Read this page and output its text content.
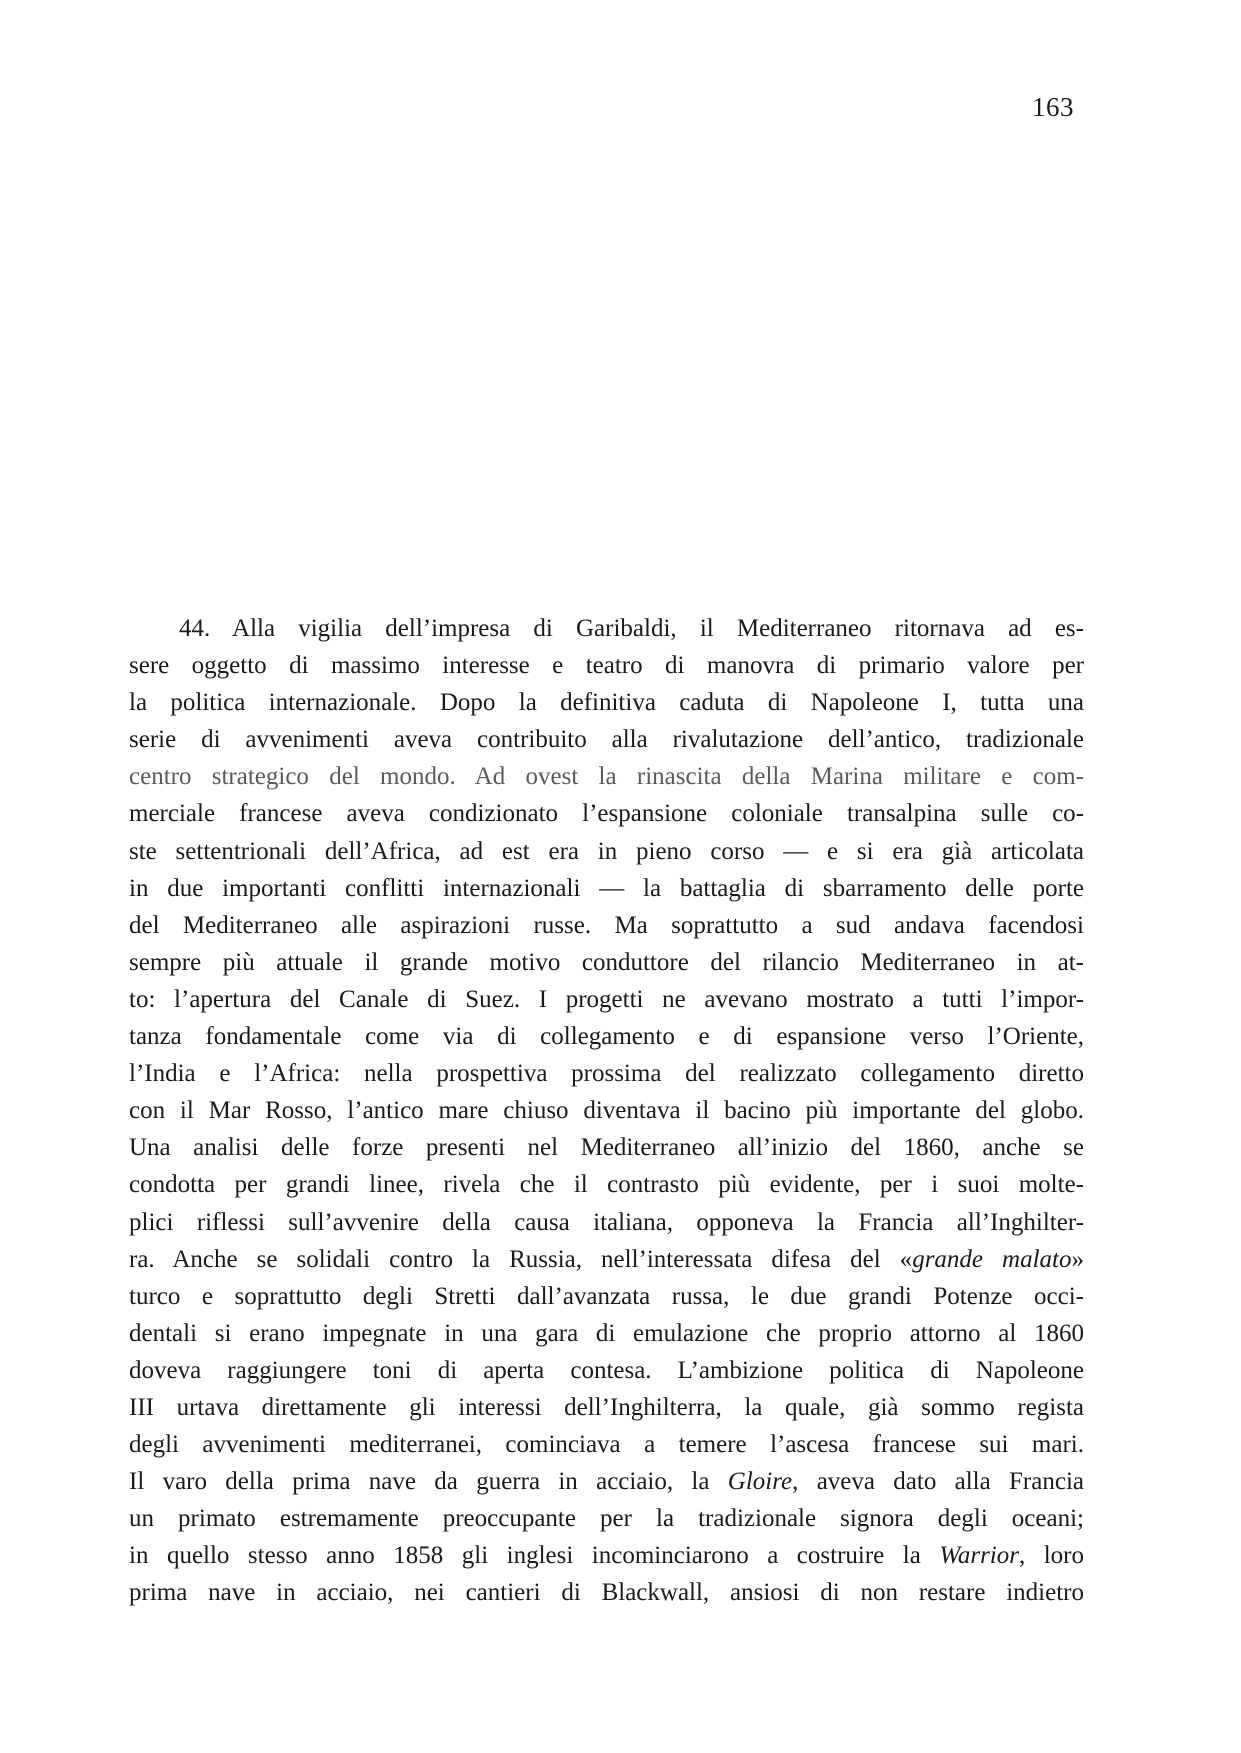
163
44. Alla vigilia dell’impresa di Garibaldi, il Mediterraneo ritornava ad es-
sere oggetto di massimo interesse e teatro di manovra di primario valore per
la politica internazionale. Dopo la definitiva caduta di Napoleone I, tutta una
serie di avvenimenti aveva contribuito alla rivalutazione dell’antico, tradizionale
centro strategico del mondo. Ad ovest la rinascita della Marina militare e com-
merciale francese aveva condizionato l’espansione coloniale transalpina sulle co-
ste settentrionali dell’Africa, ad est era in pieno corso — e si era già articolata
in due importanti conflitti internazionali — la battaglia di sbarramento delle porte
del Mediterraneo alle aspirazioni russe. Ma soprattutto a sud andava facendosi
sempre più attuale il grande motivo conduttore del rilancio Mediterraneo in at-
to: l’apertura del Canale di Suez. I progetti ne avevano mostrato a tutti l’impor-
tanza fondamentale come via di collegamento e di espansione verso l’Oriente,
l’India e l’Africa: nella prospettiva prossima del realizzato collegamento diretto
con il Mar Rosso, l’antico mare chiuso diventava il bacino più importante del globo.
Una analisi delle forze presenti nel Mediterraneo all’inizio del 1860, anche se
condotta per grandi linee, rivela che il contrasto più evidente, per i suoi molte-
plici riflessi sull’avvenire della causa italiana, opponeva la Francia all’Inghilter-
ra. Anche se solidali contro la Russia, nell’interessata difesa del «grande malato»
turco e soprattutto degli Stretti dall’avanzata russa, le due grandi Potenze occi-
dentali si erano impegnate in una gara di emulazione che proprio attorno al 1860
doveva raggiungere toni di aperta contesa. L’ambizione politica di Napoleone
III urtava direttamente gli interessi dell’Inghilterra, la quale, già sommo regista
degli avvenimenti mediterranei, cominciava a temere l’ascesa francese sui mari.
Il varo della prima nave da guerra in acciaio, la Gloire, aveva dato alla Francia
un primato estremamente preoccupante per la tradizionale signora degli oceani;
in quello stesso anno 1858 gli inglesi incominciarono a costruire la Warrior, loro
prima nave in acciaio, nei cantieri di Blackwall, ansiosi di non restare indietro
